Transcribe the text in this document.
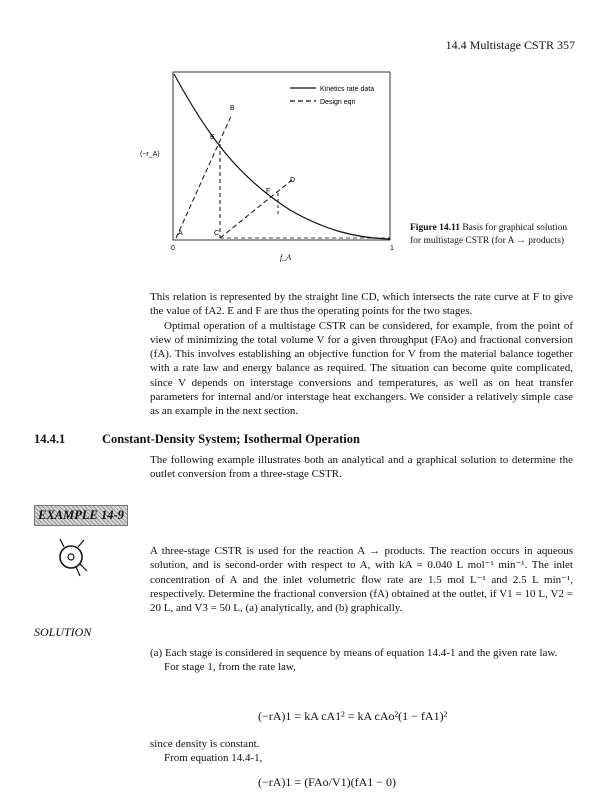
14.4 Multistage CSTR 357
Kinetics rate data
Design eqn
B
E
D
F
A	C
(−r_A)
0	1
f_A
Figure 14.11 Basis for graphical solution for multistage CSTR (for A → products)
This relation is represented by the straight line CD, which intersects the rate curve at F to give the value of fA2. E and F are thus the operating points for the two stages.
Optimal operation of a multistage CSTR can be considered, for example, from the point of view of minimizing the total volume V for a given throughput (FAo) and fractional conversion (fA). This involves establishing an objective function for V from the material balance together with a rate law and energy balance as required. The situation can become quite complicated, since V depends on interstage conversions and temperatures, as well as on heat transfer parameters for internal and/or interstage heat exchangers. We consider a relatively simple case as an example in the next section.
14.4.1	Constant-Density System; Isothermal Operation
The following example illustrates both an analytical and a graphical solution to determine the outlet conversion from a three-stage CSTR.
EXAMPLE 14-9
A three-stage CSTR is used for the reaction A → products. The reaction occurs in aqueous solution, and is second-order with respect to A, with kA = 0.040 L mol⁻¹ min⁻¹. The inlet concentration of A and the inlet volumetric flow rate are 1.5 mol L⁻¹ and 2.5 L min⁻¹, respectively. Determine the fractional conversion (fA) obtained at the outlet, if V1 = 10 L, V2 = 20 L, and V3 = 50 L, (a) analytically, and (b) graphically.
SOLUTION
(a) Each stage is considered in sequence by means of equation 14.4-1 and the given rate law.
For stage 1, from the rate law,
(−rA)1 = kA cA1² = kA cAo²(1 − fA1)²
since density is constant.
From equation 14.4-1,
(−rA)1 = (FAo/V1)(fA1 − 0)
